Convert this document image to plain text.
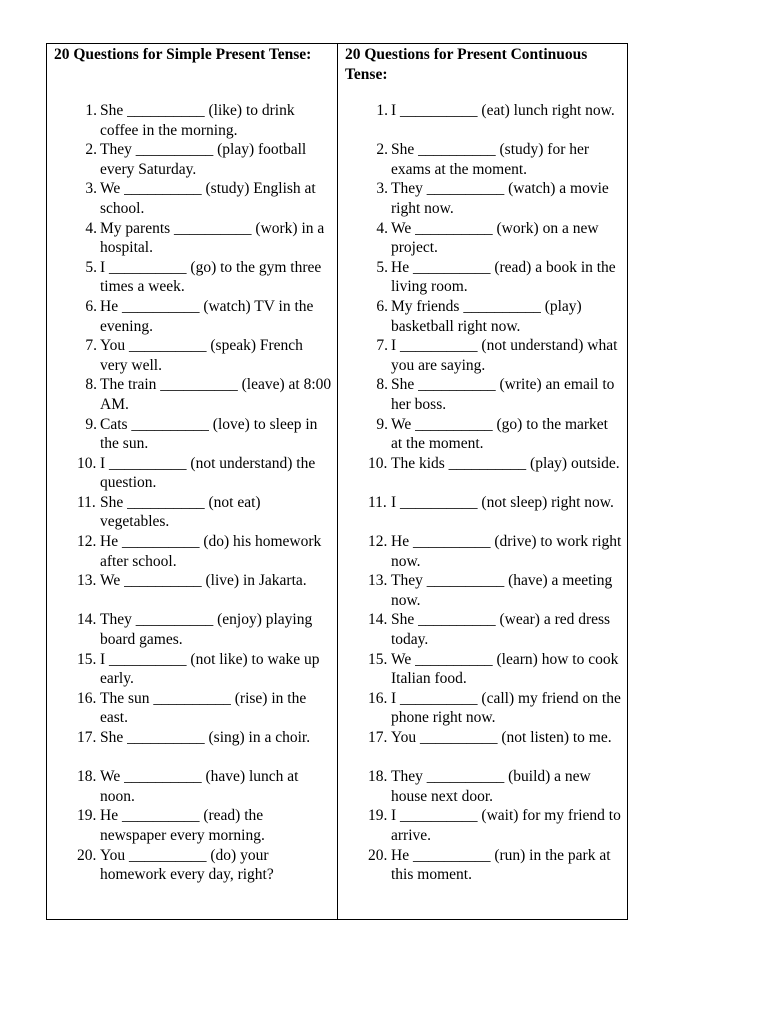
20 Questions for Simple Present Tense:
1. She __________ (like) to drink coffee in the morning.
2. They __________ (play) football every Saturday.
3. We __________ (study) English at school.
4. My parents __________ (work) in a hospital.
5. I __________ (go) to the gym three times a week.
6. He __________ (watch) TV in the evening.
7. You __________ (speak) French very well.
8. The train __________ (leave) at 8:00 AM.
9. Cats __________ (love) to sleep in the sun.
10. I __________ (not understand) the question.
11. She __________ (not eat) vegetables.
12. He __________ (do) his homework after school.
13. We __________ (live) in Jakarta.
14. They __________ (enjoy) playing board games.
15. I __________ (not like) to wake up early.
16. The sun __________ (rise) in the east.
17. She __________ (sing) in a choir.
18. We __________ (have) lunch at noon.
19. He __________ (read) the newspaper every morning.
20. You __________ (do) your homework every day, right?
20 Questions for Present Continuous Tense:
1. I __________ (eat) lunch right now.
2. She __________ (study) for her exams at the moment.
3. They __________ (watch) a movie right now.
4. We __________ (work) on a new project.
5. He __________ (read) a book in the living room.
6. My friends __________ (play) basketball right now.
7. I __________ (not understand) what you are saying.
8. She __________ (write) an email to her boss.
9. We __________ (go) to the market at the moment.
10. The kids __________ (play) outside.
11. I __________ (not sleep) right now.
12. He __________ (drive) to work right now.
13. They __________ (have) a meeting now.
14. She __________ (wear) a red dress today.
15. We __________ (learn) how to cook Italian food.
16. I __________ (call) my friend on the phone right now.
17. You __________ (not listen) to me.
18. They __________ (build) a new house next door.
19. I __________ (wait) for my friend to arrive.
20. He __________ (run) in the park at this moment.
